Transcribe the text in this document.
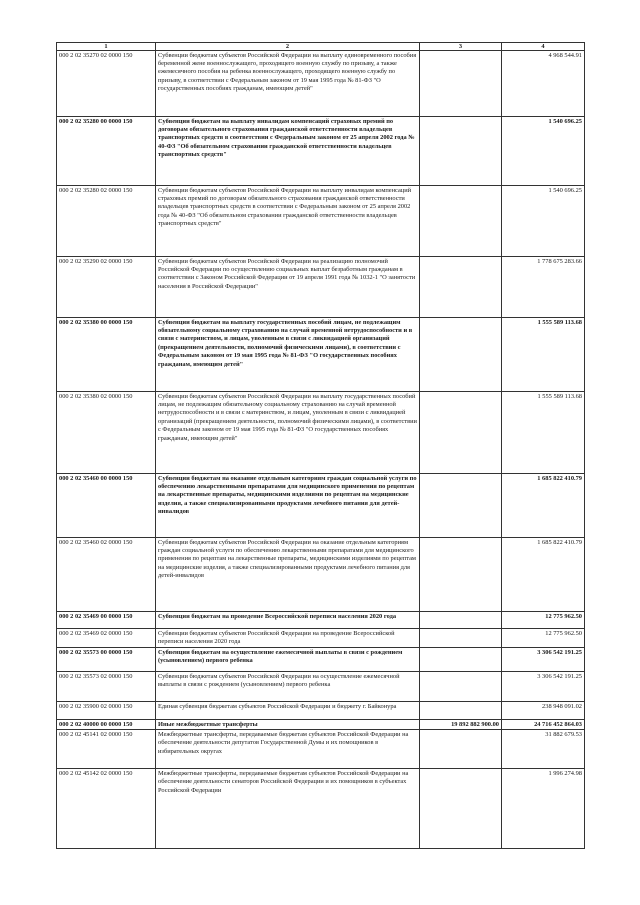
1	2	3	4
000 2 02 35270 02 0000 150	Субвенции бюджетам субъектов Российской Федерации на выплату единовременного пособия беременной жене военнослужащего, проходящего военную службу по призыву, а также ежемесячного пособия на ребенка военнослужащего, проходящего военную службу по призыву, в соответствии с Федеральным законом от 19 мая 1995 года № 81-ФЗ "О государственных пособиях гражданам, имеющим детей"		4 968 544.91
000 2 02 35280 00 0000 150	Субвенции бюджетам на выплату инвалидам компенсаций страховых премий по договорам обязательного страхования гражданской ответственности владельцев транспортных средств в соответствии с Федеральным законом от 25 апреля 2002 года № 40-ФЗ "Об обязательном страховании гражданской ответственности владельцев транспортных средств"		1 540 696.25
000 2 02 35280 02 0000 150	Субвенции бюджетам субъектов Российской Федерации на выплату инвалидам компенсаций страховых премий по договорам обязательного страхования гражданской ответственности владельцев транспортных средств в соответствии с Федеральным законом от 25 апреля 2002 года № 40-ФЗ "Об обязательном страховании гражданской ответственности владельцев транспортных средств"		1 540 696.25
000 2 02 35290 02 0000 150	Субвенции бюджетам субъектов Российской Федерации на реализацию полномочий Российской Федерации по осуществлению социальных выплат безработным гражданам в соответствии с Законом Российской Федерации от 19 апреля 1991 года № 1032-1 "О занятости населения в Российской Федерации"		1 778 675 283.66
000 2 02 35380 00 0000 150	Субвенции бюджетам на выплату государственных пособий лицам, не подлежащим обязательному социальному страхованию на случай временной нетрудоспособности и в связи с материнством, и лицам, уволенным в связи с ликвидацией организаций (прекращением деятельности, полномочий физическими лицами), в соответствии с Федеральным законом от 19 мая 1995 года № 81-ФЗ "О государственных пособиях гражданам, имеющим детей"		1 555 589 113.68
000 2 02 35380 02 0000 150	Субвенции бюджетам субъектов Российской Федерации на выплату государственных пособий лицам, не подлежащим обязательному социальному страхованию на случай временной нетрудоспособности и в связи с материнством, и лицам, уволенным в связи с ликвидацией организаций (прекращением деятельности, полномочий физическими лицами), в соответствии с Федеральным законом от 19 мая 1995 года № 81-ФЗ "О государственных пособиях гражданам, имеющим детей"		1 555 589 113.68
000 2 02 35460 00 0000 150	Субвенции бюджетам на оказание отдельным категориям граждан социальной услуги по обеспечению лекарственными препаратами для медицинского применения по рецептам на лекарственные препараты, медицинскими изделиями по рецептам на медицинские изделия, а также специализированными продуктами лечебного питания для детей-инвалидов		1 685 822 410.79
000 2 02 35460 02 0000 150	Субвенции бюджетам субъектов Российской Федерации на оказание отдельным категориям граждан социальной услуги по обеспечению лекарственными препаратами для медицинского применения по рецептам на лекарственные препараты, медицинскими изделиями по рецептам на медицинские изделия, а также специализированными продуктами лечебного питания для детей-инвалидов		1 685 822 410.79
000 2 02 35469 00 0000 150	Субвенции бюджетам на проведение Всероссийской переписи населения 2020 года		12 775 962.50
000 2 02 35469 02 0000 150	Субвенции бюджетам субъектов Российской Федерации на проведение Всероссийской переписи населения 2020 года		12 775 962.50
000 2 02 35573 00 0000 150	Субвенции бюджетам на осуществление ежемесячной выплаты в связи с рождением (усыновлением) первого ребенка		3 306 542 191.25
000 2 02 35573 02 0000 150	Субвенции бюджетам субъектов Российской Федерации на осуществление ежемесячной выплаты в связи с рождением (усыновлением) первого ребенка		3 306 542 191.25
000 2 02 35900 02 0000 150	Единая субвенция бюджетам субъектов Российской Федерации и бюджету г. Байконура		238 948 091.02
000 2 02 40000 00 0000 150	Иные межбюджетные трансферты	19 892 882 900.00	24 716 452 864.03
000 2 02 45141 02 0000 150	Межбюджетные трансферты, передаваемые бюджетам субъектов Российской Федерации на обеспечение деятельности депутатов Государственной Думы и их помощников в избирательных округах		31 882 679.53
000 2 02 45142 02 0000 150	Межбюджетные трансферты, передаваемые бюджетам субъектов Российской Федерации на обеспечение деятельности сенаторов Российской Федерации и их помощников в субъектах Российской Федерации		1 996 274.98
